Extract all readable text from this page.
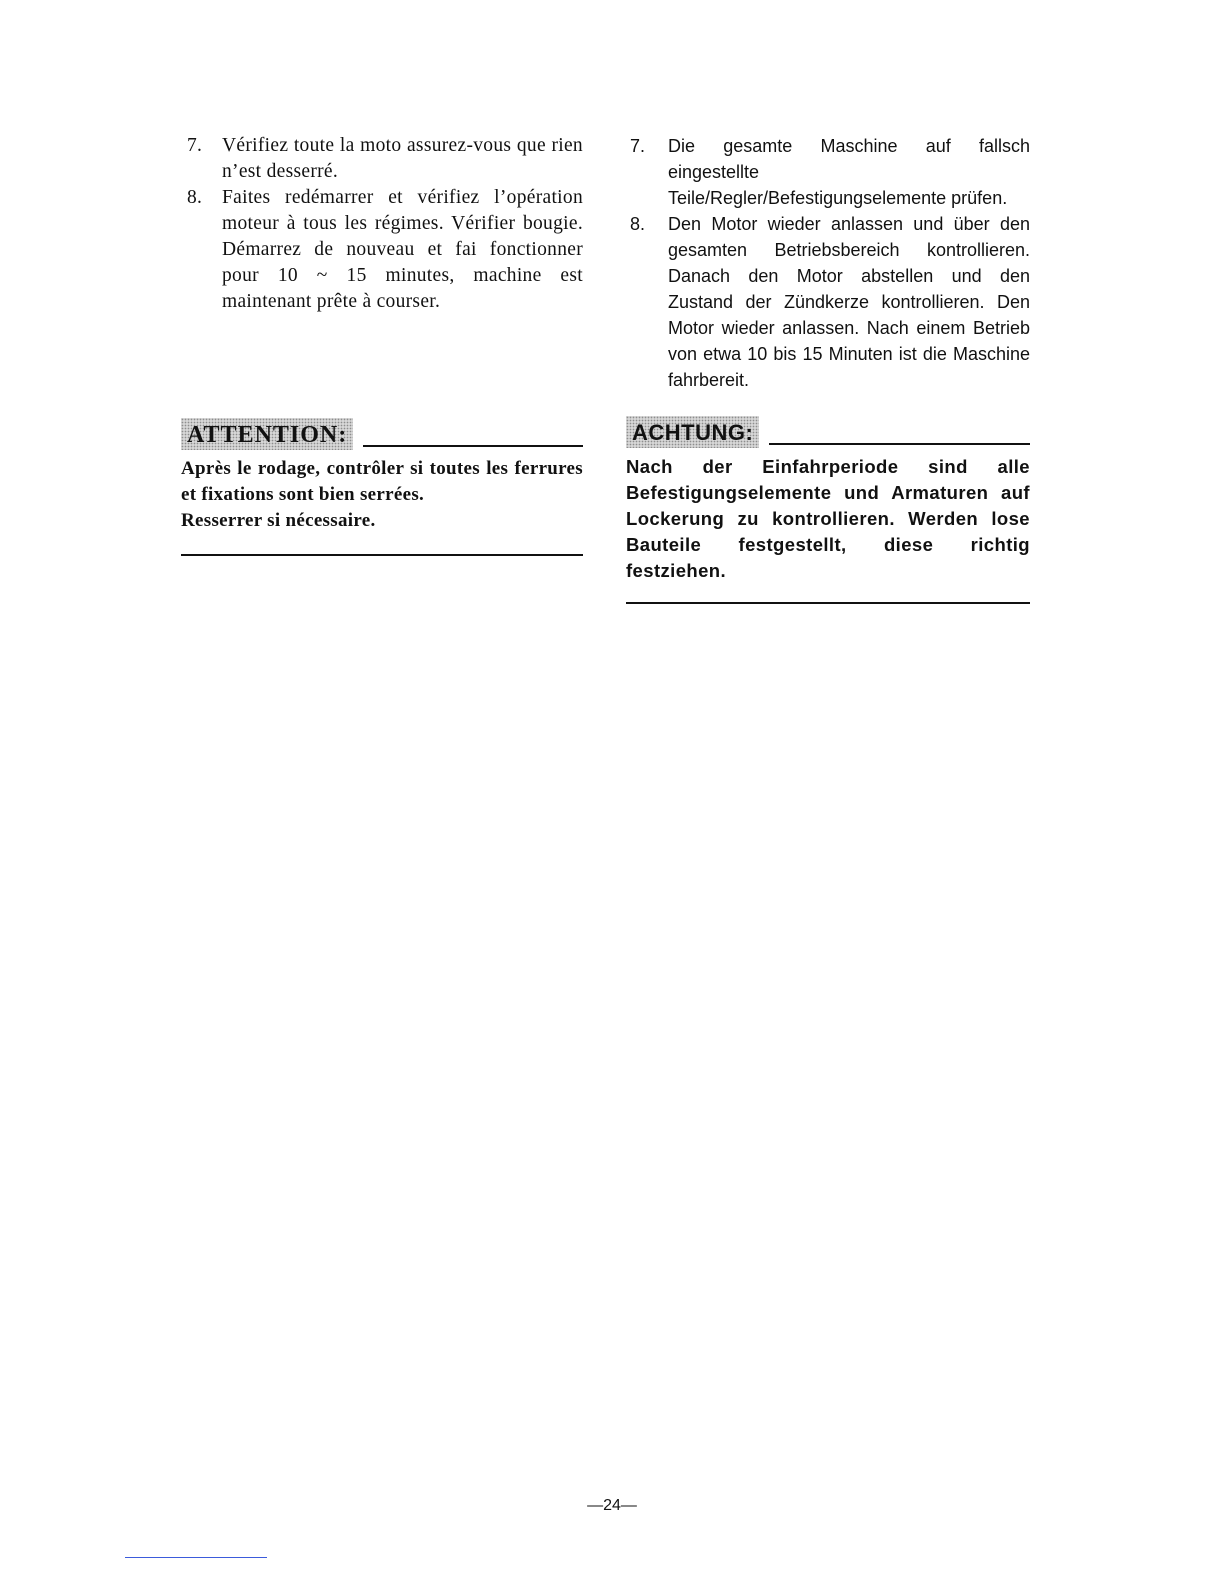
7.	Vérifiez toute la moto assurez-vous que rien n’est desserré.
8.	Faites redémarrer et vérifiez l’opération moteur à tous les régimes. Vérifier bougie. Démarrez de nouveau et fai fonctionner pour 10 ~ 15 minutes, machine est maintenant prête à courser.
ATTENTION:
Après le rodage, contrôler si toutes les ferrures et fixations sont bien serrées.
Resserrer si nécessaire.
7.	Die gesamte Maschine auf fallsch eingestellte Teile/Regler/Befestigungselemente prüfen.
8.	Den Motor wieder anlassen und über den gesamten Betriebsbereich kontrollieren. Danach den Motor abstellen und den Zustand der Zündkerze kontrollieren. Den Motor wieder anlassen. Nach einem Betrieb von etwa 10 bis 15 Minuten ist die Maschine fahrbereit.
ACHTUNG:
Nach der Einfahrperiode sind alle Befestigungselemente und Armaturen auf Lockerung zu kontrollieren. Werden lose Bauteile festgestellt, diese richtig festziehen.
—24—
